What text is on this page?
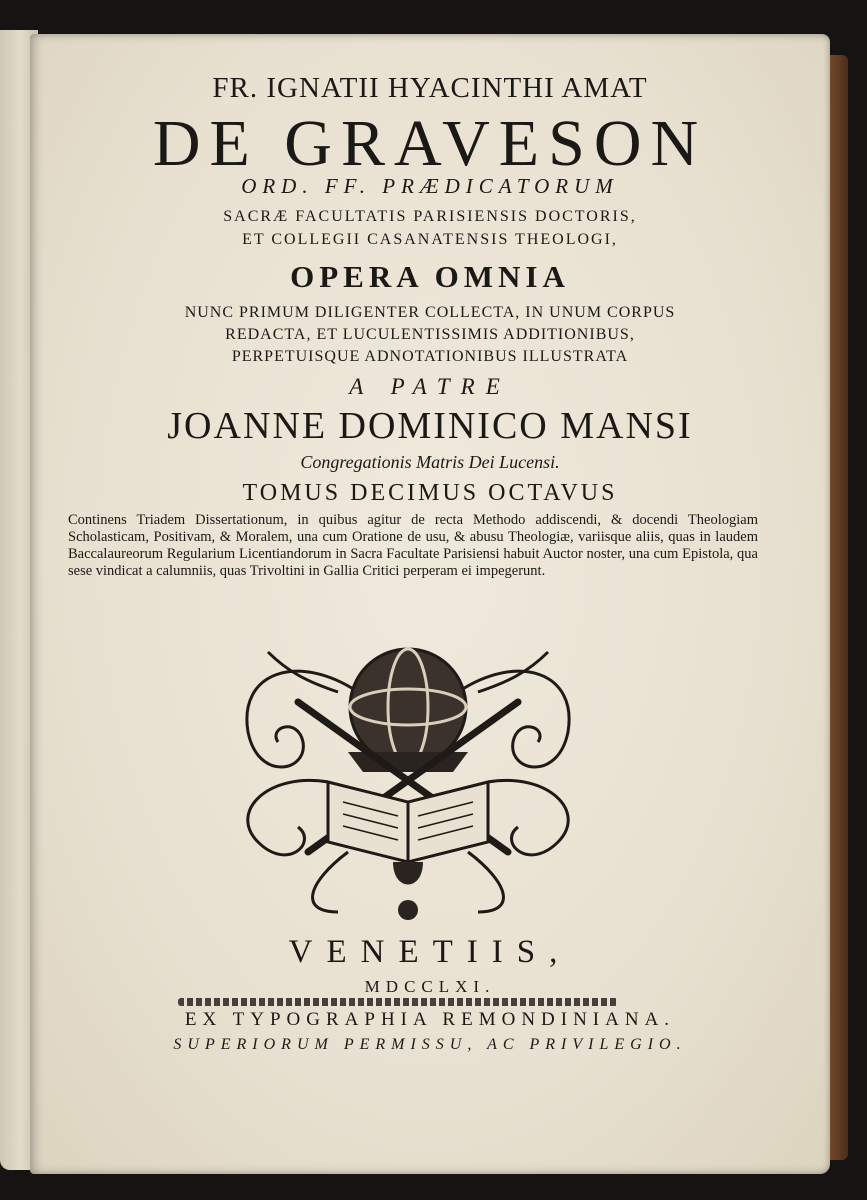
FR. IGNATII HYACINTHI AMAT
DE GRAVESON
ORD. FF. PRÆDICATORUM
SACRÆ FACULTATIS PARISIENSIS DOCTORIS,
ET COLLEGII CASANATENSIS THEOLOGI,
OPERA OMNIA
NUNC PRIMUM DILIGENTER COLLECTA, IN UNUM CORPUS
REDACTA, ET LUCULENTISSIMIS ADDITIONIBUS,
PERPETUISQUE ADNOTATIONIBUS ILLUSTRATA
A PATRE
JOANNE DOMINICO MANSI
Congregationis Matris Dei Lucensi.
TOMUS DECIMUS OCTAVUS
Continens Triadem Dissertationum, in quibus agitur de recta Methodo addiscendi, & docendi Theologiam Scholasticam, Positivam, & Moralem, una cum Oratione de usu, & abusu Theologiæ, variisque aliis, quas in laudem Baccalaureorum Regularium Licentiandorum in Sacra Facultate Parisiensi habuit Auctor noster, una cum Epistola, qua sese vindicat a calumniis, quas Trivoltini in Gallia Critici perperam ei impegerunt.
VENETIIS,
MDCCLXI.
EX TYPOGRAPHIA REMONDINIANA.
SUPERIORUM PERMISSU, AC PRIVILEGIO.
